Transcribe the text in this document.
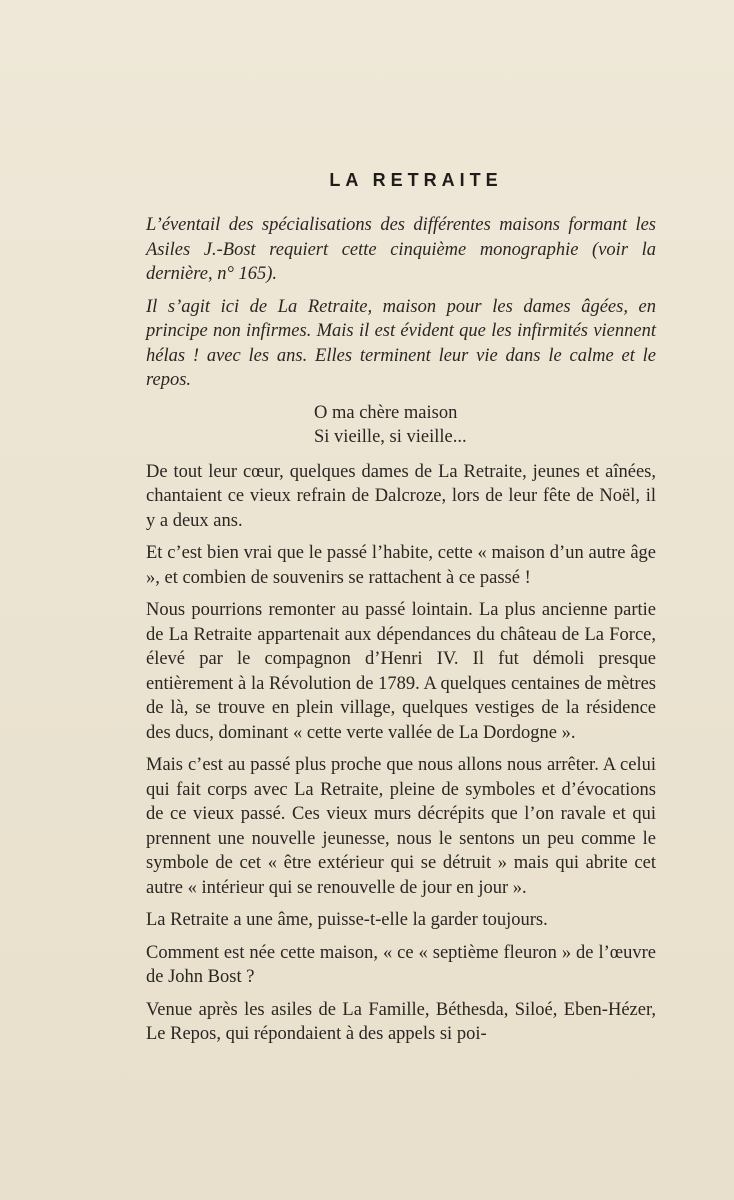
LA RETRAITE

L’éventail des spécialisations des différentes maisons formant les Asiles J.-Bost requiert cette cinquième monographie (voir la dernière, n° 165).

Il s’agit ici de La Retraite, maison pour les dames âgées, en principe non infirmes. Mais il est évident que les infirmités viennent hélas ! avec les ans. Elles terminent leur vie dans le calme et le repos.

O ma chère maison
Si vieille, si vieille...

De tout leur cœur, quelques dames de La Retraite, jeunes et aînées, chantaient ce vieux refrain de Dalcroze, lors de leur fête de Noël, il y a deux ans.

Et c’est bien vrai que le passé l’habite, cette « maison d’un autre âge », et combien de souvenirs se rattachent à ce passé !

Nous pourrions remonter au passé lointain. La plus ancienne partie de La Retraite appartenait aux dépendances du château de La Force, élevé par le compagnon d’Henri IV. Il fut démoli presque entièrement à la Révolution de 1789. A quelques centaines de mètres de là, se trouve en plein village, quelques vestiges de la résidence des ducs, dominant « cette verte vallée de La Dordogne ».

Mais c’est au passé plus proche que nous allons nous arrêter. A celui qui fait corps avec La Retraite, pleine de symboles et d’évocations de ce vieux passé. Ces vieux murs décrépits que l’on ravale et qui prennent une nouvelle jeunesse, nous le sentons un peu comme le symbole de cet « être extérieur qui se détruit » mais qui abrite cet autre « intérieur qui se renouvelle de jour en jour ».

La Retraite a une âme, puisse-t-elle la garder toujours.

Comment est née cette maison, « ce « septième fleuron » de l’œuvre de John Bost ?

Venue après les asiles de La Famille, Béthesda, Siloé, Eben-Hézer, Le Repos, qui répondaient à des appels si poi-
